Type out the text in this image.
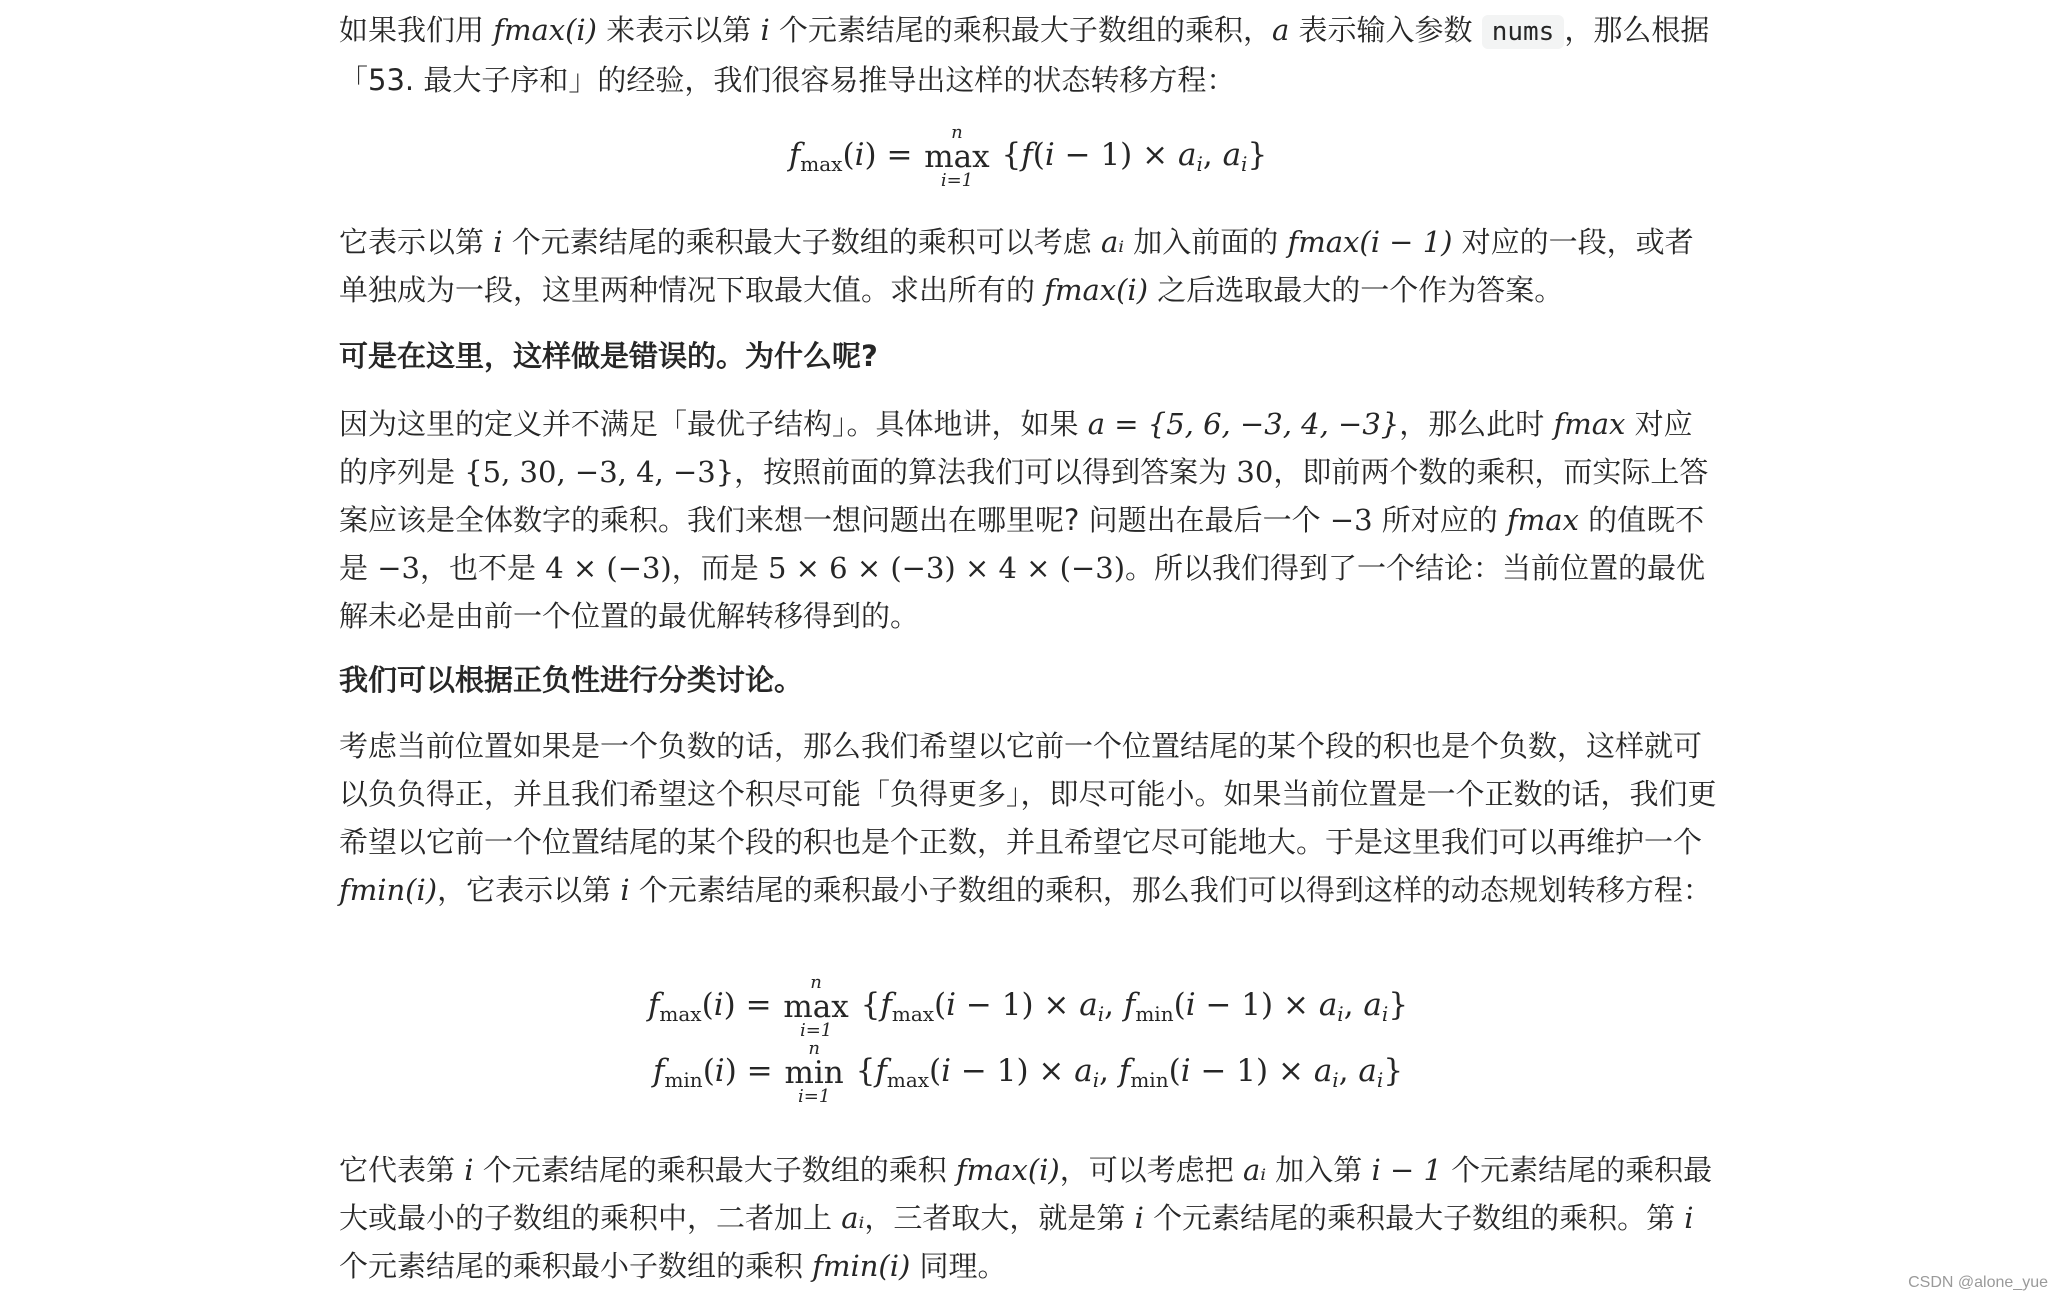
如果我们用 fmax(i) 来表示以第 i 个元素结尾的乘积最大子数组的乘积，a 表示输入参数 nums ，那么根据「53. 最大子序和」的经验，我们很容易推导出这样的状态转移方程：

fmax(i) =
n
max
i=1
{f(i − 1) × ai, ai}

它表示以第 i 个元素结尾的乘积最大子数组的乘积可以考虑 aᵢ 加入前面的 fmax(i − 1) 对应的一段，或者单独成为一段，这里两种情况下取最大值。求出所有的 fmax(i) 之后选取最大的一个作为答案。

可是在这里，这样做是错误的。为什么呢?

因为这里的定义并不满足「最优子结构」。具体地讲，如果 a = {5, 6, −3, 4, −3}，那么此时 fmax 对应的序列是 {5, 30, −3, 4, −3}，按照前面的算法我们可以得到答案为 30，即前两个数的乘积，而实际上答案应该是全体数字的乘积。我们来想一想问题出在哪里呢? 问题出在最后一个 −3 所对应的 fmax 的值既不是 −3，也不是 4 × (−3)，而是 5 × 6 × (−3) × 4 × (−3)。所以我们得到了一个结论：当前位置的最优解未必是由前一个位置的最优解转移得到的。

我们可以根据正负性进行分类讨论。

考虑当前位置如果是一个负数的话，那么我们希望以它前一个位置结尾的某个段的积也是个负数，这样就可以负负得正，并且我们希望这个积尽可能「负得更多」，即尽可能小。如果当前位置是一个正数的话，我们更希望以它前一个位置结尾的某个段的积也是个正数，并且希望它尽可能地大。于是这里我们可以再维护一个 fmin(i)，它表示以第 i 个元素结尾的乘积最小子数组的乘积，那么我们可以得到这样的动态规划转移方程：

fmax(i) =
n
max
i=1
{fmax(i − 1) × ai, fmin(i − 1) × ai, ai}
fmin(i) =
n
min
i=1
{fmax(i − 1) × ai, fmin(i − 1) × ai, ai}

它代表第 i 个元素结尾的乘积最大子数组的乘积 fmax(i)，可以考虑把 aᵢ 加入第 i − 1 个元素结尾的乘积最大或最小的子数组的乘积中，二者加上 aᵢ，三者取大，就是第 i 个元素结尾的乘积最大子数组的乘积。第 i 个元素结尾的乘积最小子数组的乘积 fmin(i) 同理。	CSDN @alone_yue
